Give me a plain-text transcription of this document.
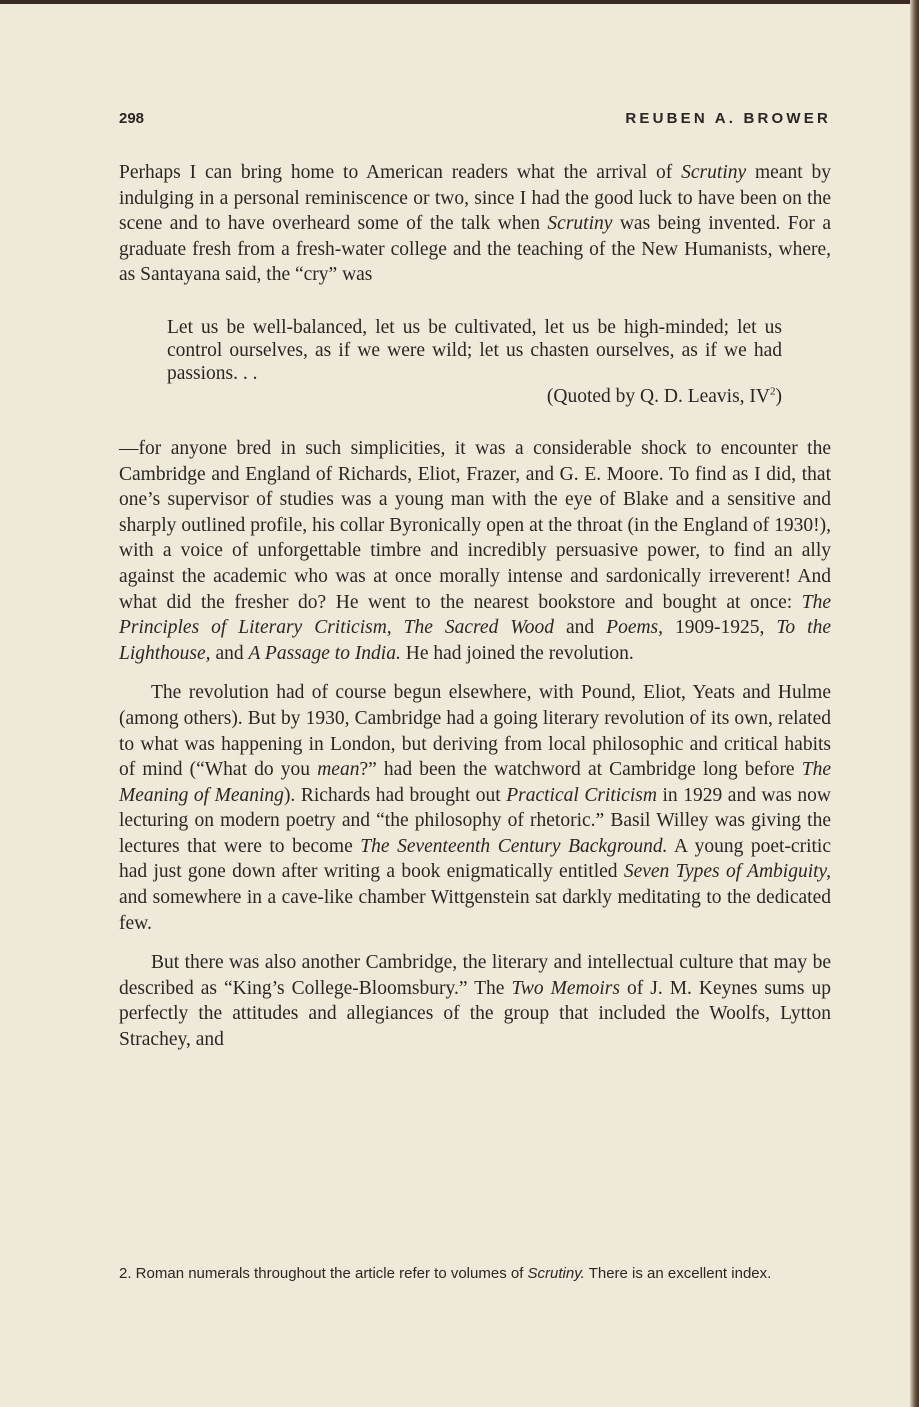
298	REUBEN A. BROWER

Perhaps I can bring home to American readers what the arrival of Scrutiny meant by indulging in a personal reminiscence or two, since I had the good luck to have been on the scene and to have overheard some of the talk when Scrutiny was being invented. For a graduate fresh from a fresh-water college and the teaching of the New Humanists, where, as Santayana said, the “cry” was

Let us be well-balanced, let us be cultivated, let us be high-minded; let us control ourselves, as if we were wild; let us chasten ourselves, as if we had passions. . .
(Quoted by Q. D. Leavis, $IV^2$)

—for anyone bred in such simplicities, it was a considerable shock to encounter the Cambridge and England of Richards, Eliot, Frazer, and G. E. Moore. To find as I did, that one’s supervisor of studies was a young man with the eye of Blake and a sensitive and sharply outlined profile, his collar Byronically open at the throat (in the England of 1930!), with a voice of unforgettable timbre and incredibly persuasive power, to find an ally against the academic who was at once morally intense and sardonically irreverent! And what did the fresher do? He went to the nearest bookstore and bought at once: The Principles of Literary Criticism, The Sacred Wood and Poems, 1909-1925, To the Lighthouse, and A Passage to India. He had joined the revolution.

The revolution had of course begun elsewhere, with Pound, Eliot, Yeats and Hulme (among others). But by 1930, Cambridge had a going literary revolution of its own, related to what was happening in London, but deriving from local philosophic and critical habits of mind (“What do you mean?” had been the watchword at Cambridge long before The Meaning of Meaning). Richards had brought out Practical Criticism in 1929 and was now lecturing on modern poetry and “the philosophy of rhetoric.” Basil Willey was giving the lectures that were to become The Seventeenth Century Background. A young poet-critic had just gone down after writing a book enigmatically entitled Seven Types of Ambiguity, and somewhere in a cave-like chamber Wittgenstein sat darkly meditating to the dedicated few.

But there was also another Cambridge, the literary and intellectual culture that may be described as “King’s College-Bloomsbury.” The Two Memoirs of J. M. Keynes sums up perfectly the attitudes and allegiances of the group that included the Woolfs, Lytton Strachey, and

2. Roman numerals throughout the article refer to volumes of Scrutiny. There is an excellent index.
